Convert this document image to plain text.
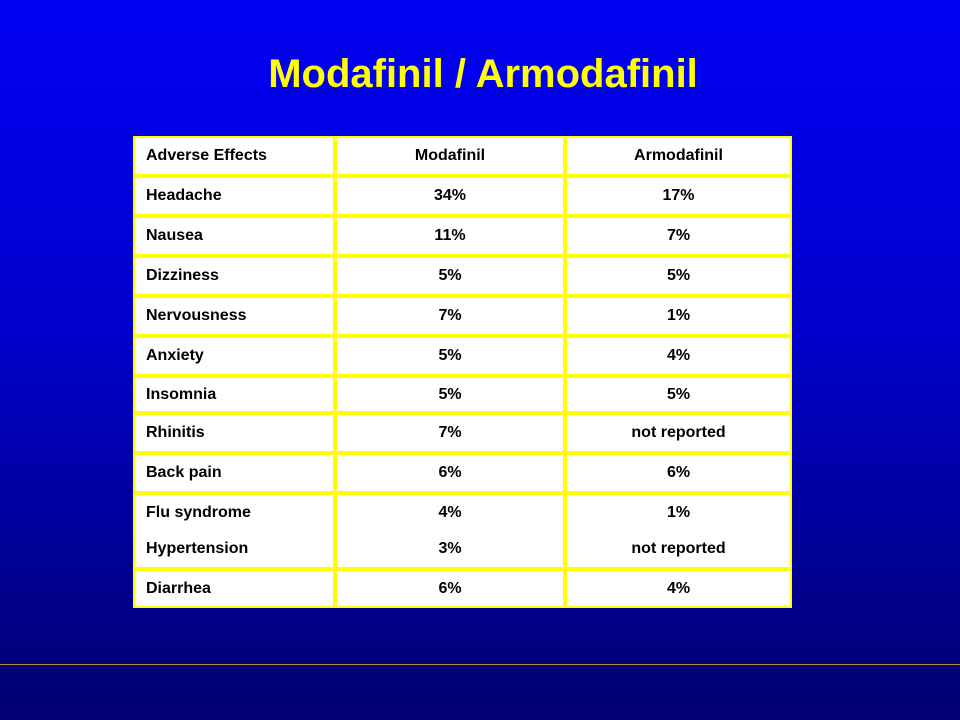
Modafinil / Armodafinil
Adverse Effects	Modafinil	Armodafinil
Headache	34%	17%
Nausea	11%	7%
Dizziness	5%	5%
Nervousness	7%	1%
Anxiety	5%	4%
Insomnia	5%	5%
Rhinitis	7%	not reported
Back pain	6%	6%
Flu syndrome	4%	1%
Hypertension	3%	not reported
Diarrhea	6%	4%
